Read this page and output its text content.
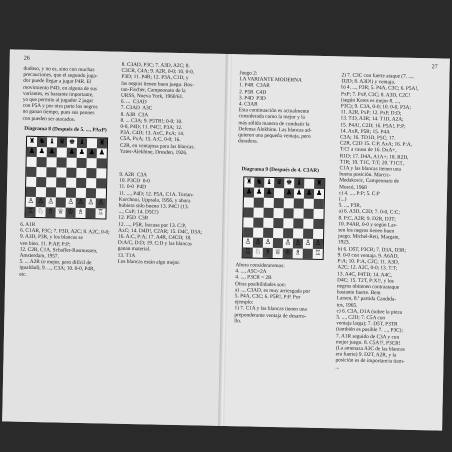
26
dudoso, y no es, sino con muchas
precauciones, que el segundo juga-
dor puede llegar a jugar P4R. El
movimiento P4D, en alguna de sus
variantes, es bastante importante,
ya que permite al jugador 2 jugar
con P5A y por otra parte los negros
no ganan tiempo, pues sus peones
con pueden ser atacados.
Diagrama 8 (Después de 5. ..., PAxP)
♜ ♞ ♝ ♛ ♚ ♝ ♜
♟ ♟ ♟ ♟ ♟ ♟ ♟
♙ ♙ ♙ ♙ ♙ ♙ ♙
♖ ♘ ♗ ♕ ♔ ♗ ♖
6. A1R
6. C1AR, P3C; 7. P3D, A2C; 8. A2C, 0-0;
9. A3D, P3R, y los blancas se
ven bien. 11. P:AP, P:P;
12. C2R, C1A. Schaffer-Rasmussen,
Amsterdam, 1957.
5. ... A2R (o mejor, pero difícil de
igualdad), 9. ..., C3A; 10. 0-0, P4R,
etc.
8. C3AD, P3C; 7. A3D, A2C; 8.
C3CR, C4A; 9. A2R, 0-0; 10. 0-0,
P3D; 11. P4R; 12. P3A, C1D, y
las negras tienen buen juego. Bos-
tan-Fischer, Campeonato de la
URSS, Nueva York, 1960/61.
6. ...  C3AD
7. C3AD  A3C
8. A3R  C3A
8. ... C3A; 9. P5TR!; 0-0; 10.
0-0, P4D; 11. P4C!, P3A; 12.
P3A, C4D; 13. AxC, PxA; 14.
C5A, PxA; 15. A:C, 0-0; 16.
C2R, en ventajosa para las blancas.
Yates-Alekhine, Dresden, 1926.
9. A2R  C3A
10. P3CD  0-0
11. 0-0  P4D
11. ..., P4D; 12. P5A, C1A. Tortan-
Korchnoi, Uppsala, 1956, y ahora
hubiera sido bueno 13. P4C! (13.
..., CxP; 14. D5C!)
12. P5D  C3R
12. ..., P5R, fracasa por 13. C:P,
AxC; 14. D4D!, C2AR; 15. D4C, D3A;
16. A:C, P:A; 17. A4R, C4CD; 18.
D:A/C, D:D; 19. C:D y las blancas
ganan material.
13. T1A
Los blancas están algo mejor.
27
Juego 2:
LA VARIANTE MODERNA
1. P4R  C3AR
2. P5R  C4D
3. P4D  P3D
4. C3AR
Esta continuación es actualmente
considerada como la mejor y la
más sólida manera de combatir la
Defensa Alekhine. Las blancas ad-
quieren una pequeña ventaja, pero
duradera.
Diagrama 9 (Después de 4. C3AR)
♜ ♞ ♝ ♛ ♚ ♝ ♜
♟ ♟ ♟ ♟ ♟ ♟ ♟
♙ ♙ ♙ ♙ ♙ ♙ ♙
♖ ♘ ♗ ♕ ♔ ♗ ♖
Ahora consideraremos:
4. ..., A5C=2A
4. ..., P3CR = 2B
Otras posibilidades son:
a) ..., C3AD, es muy arriesgada por
5. P4A, C3C; 6. P5R!, P:P. Por
ejemplo:
1) 7. C1A y las blancas tienen una
preponderante ventaja de desarro-
llo.
2) 7. C3C con fuerte ataque (7. ...,
D2D; 8. A3D!) y ventaja.
b) 4. ..., P3R; 5. P4A, C3C; 6. P5A!,
PxP; 7. PxP, C3C; 8. A3D, C2C!
(según Keres es mejor 8. ...,
P3C); 9. C3A, 0-0; 10. 0-0, P3A;
11. A2R, PxP; 12. PxP, D:D;
13. T:D, A3R; 14. T1D, A2A;
15. P4A!, C2D; 16. P5A!, P:P;
14. AxR, P5R; 15. P4A
C3A; 16. TD1D, P5C; 17.
C2R, C2D 15. C:P, AxA; 16. P:A,
T:C! a causa de 16. DxA+,
R1D; 17. D4A, A1A+; 18. R2D,
T1R; 19. T1C, T:T; 20. T1C!!,
C1A y las blancas tienen una
buena posición. Marcic-
Medakovic, Campeonato de
Moscú, 1968
c) 4. ..., P:P; 5. C:P
(...)
5. ..., P3R,
a) 6. A3D, C2D; 7. 0-0, C:C;
8. P:C, A2R; 9. D2R, D3T;
10. P4AR, 0-0 y según Lar-
sen los negros tienen buen
juego. Michel-Reti, Margate,
1923.
b) 6. D5T, P3CR; 7. D3A, D3R;
9. 0-0 con ventaja. 9. A6AD,
P:A; 10. P:A, C2C; 11. A3D,
A2C; 12. A2C, 0-0; 13. T:T;
13. A4C, P4TD; 14. A4C,
D4C; 15. T2T, P:X!!, y los
negros obtienen contraataque
bastante fuerte. Bent
Larsen, 8.ª partida Candida-
tos, 1965.
c) 6. C3A, D1A (sobre la pieza
5. ..., C2D; 7. C5A con
ventaja larga); 7. D5T, P3TR
(también es posible 7. ..., P3C);
7. A1R seguido de C3A y con
mejor juego. 8. C5A!?, P3CR!
(La amenaza A3C de las blancas
era fuerte) 9. D2T, A2R, y la
posición es de importancia tiem-
...
